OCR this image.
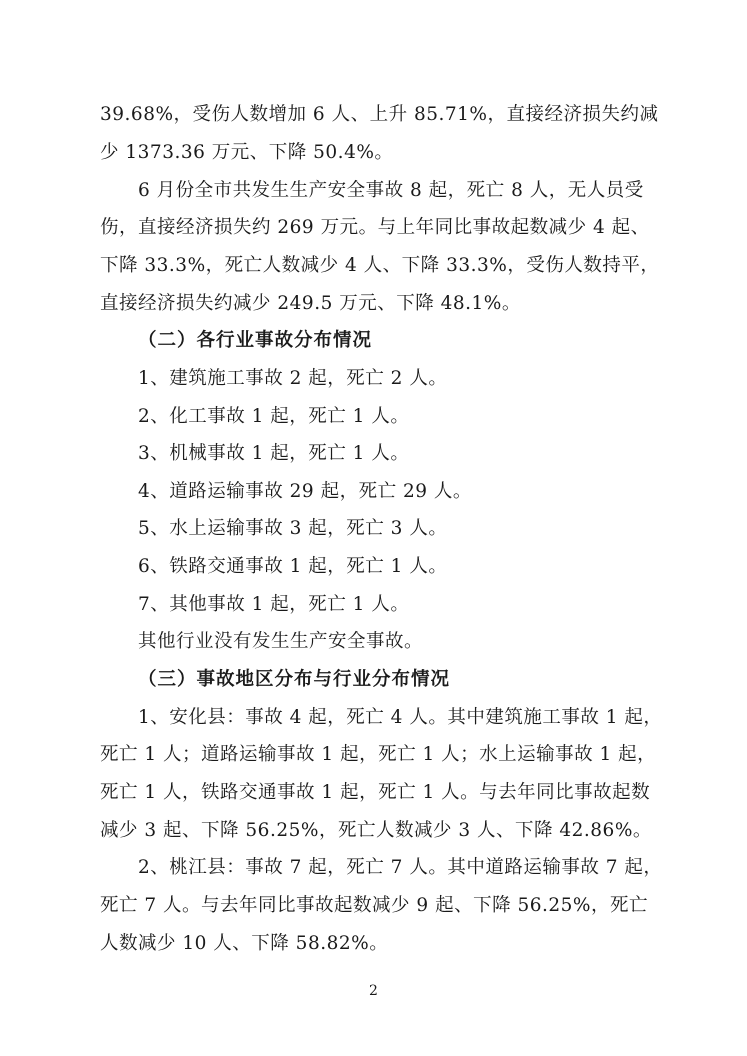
39.68%，受伤人数增加 6 人、上升 85.71%，直接经济损失约减
少 1373.36 万元、下降 50.4%。
6 月份全市共发生生产安全事故 8 起，死亡 8 人，无人员受
伤，直接经济损失约 269 万元。与上年同比事故起数减少 4 起、
下降 33.3%，死亡人数减少 4 人、下降 33.3%，受伤人数持平，
直接经济损失约减少 249.5 万元、下降 48.1%。
（二）各行业事故分布情况
1、建筑施工事故 2 起，死亡 2 人。
2、化工事故 1 起，死亡 1 人。
3、机械事故 1 起，死亡 1 人。
4、道路运输事故 29 起，死亡 29 人。
5、水上运输事故 3 起，死亡 3 人。
6、铁路交通事故 1 起，死亡 1 人。
7、其他事故 1 起，死亡 1 人。
其他行业没有发生生产安全事故。
（三）事故地区分布与行业分布情况
1、安化县：事故 4 起，死亡 4 人。其中建筑施工事故 1 起，
死亡 1 人；道路运输事故 1 起，死亡 1 人；水上运输事故 1 起，
死亡 1 人，铁路交通事故 1 起，死亡 1 人。与去年同比事故起数
减少 3 起、下降 56.25%，死亡人数减少 3 人、下降 42.86%。
2、桃江县：事故 7 起，死亡 7 人。其中道路运输事故 7 起，
死亡 7 人。与去年同比事故起数减少 9 起、下降 56.25%，死亡
人数减少 10 人、下降 58.82%。
2
